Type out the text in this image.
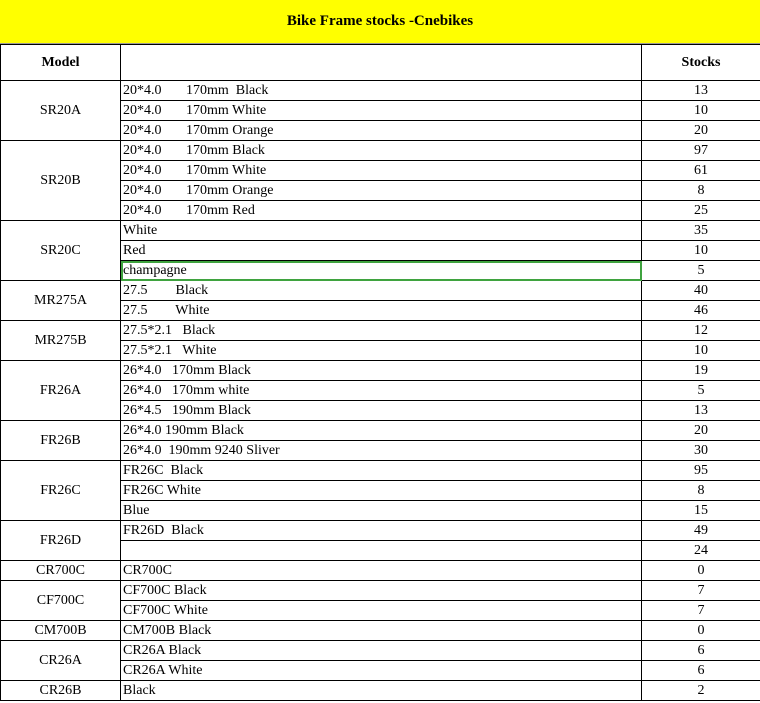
Bike Frame stocks -Cnebikes
Model		Stocks
SR20A	20*4.0       170mm  Black	13
	20*4.0       170mm White	10
	20*4.0       170mm Orange	20
SR20B	20*4.0       170mm Black	97
	20*4.0       170mm White	61
	20*4.0       170mm Orange	8
	20*4.0       170mm Red	25
SR20C	White	35
	Red	10
	champagne	5
MR275A	27.5        Black	40
	27.5        White	46
MR275B	27.5*2.1   Black	12
	27.5*2.1   White	10
FR26A	26*4.0   170mm Black	19
	26*4.0   170mm white	5
	26*4.5   190mm Black	13
FR26B	26*4.0 190mm Black	20
	26*4.0  190mm 9240 Sliver	30
FR26C	FR26C  Black	95
	FR26C White	8
	Blue	15
FR26D	FR26D  Black	49
		24
CR700C	CR700C	0
CF700C	CF700C Black	7
	CF700C White	7
CM700B	CM700B Black	0
CR26A	CR26A Black	6
	CR26A White	6
CR26B	Black	2
